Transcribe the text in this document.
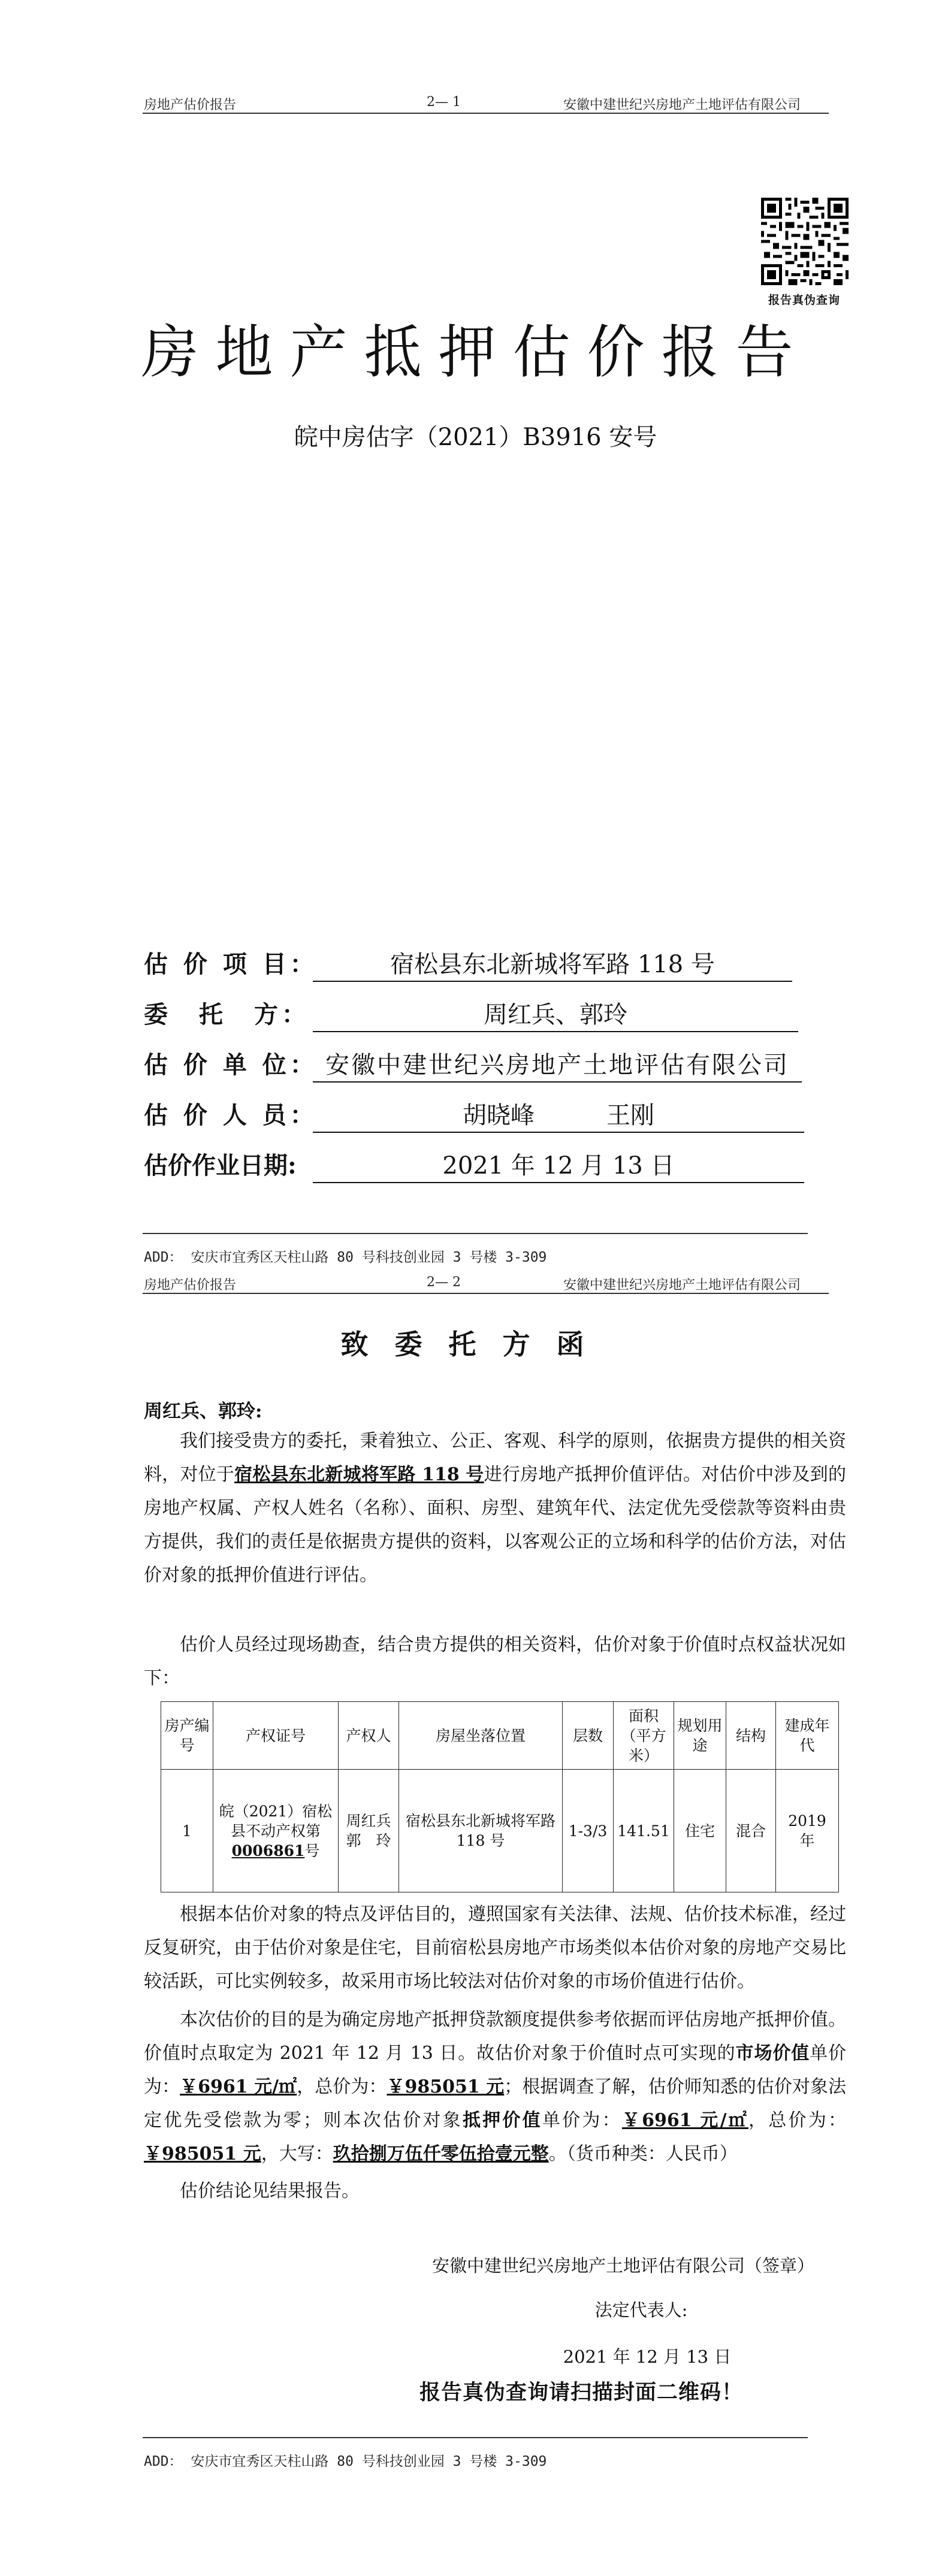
房地产估价报告	2— 1	安徽中建世纪兴房地产土地评估有限公司
报告真伪查询
房地产抵押估价报告
皖中房估字（2021）B3916 安号
估 价 项 目：	宿松县东北新城将军路 118 号
委　托　方：	周红兵、郭玲
估 价 单 位： 安徽中建世纪兴房地产土地评估有限公司
估 价 人 员：	胡晓峰　　　王刚
估价作业日期:	2021 年 12 月 13 日
ADD： 安庆市宜秀区天柱山路 80 号科技创业园 3 号楼 3-309
房地产估价报告	2— 2	安徽中建世纪兴房地产土地评估有限公司
致委托方函
周红兵、郭玲:

我们接受贵方的委托，秉着独立、公正、客观、科学的原则，依据贵方提供的相关资料，对位于宿松县东北新城将军路 118 号进行房地产抵押价值评估。对估价中涉及到的房地产权属、产权人姓名（名称）、面积、房型、建筑年代、法定优先受偿款等资料由贵方提供，我们的责任是依据贵方提供的资料，以客观公正的立场和科学的估价方法，对估价对象的抵押价值进行评估。

估价人员经过现场勘查，结合贵方提供的相关资料，估价对象于价值时点权益状况如下：

房产编号	产权证号	产权人	房屋坐落位置	层数	面积（平方米）	规划用途	结构	建成年代
1	皖（2021）宿松县不动产权第0006861号	周红兵 郭　玲	宿松县东北新城将军路 118 号	1-3/3	141.51	住宅	混合	2019 年

根据本估价对象的特点及评估目的，遵照国家有关法律、法规、估价技术标准，经过反复研究，由于估价对象是住宅，目前宿松县房地产市场类似本估价对象的房地产交易比较活跃，可比实例较多，故采用市场比较法对估价对象的市场价值进行估价。

本次估价的目的是为确定房地产抵押贷款额度提供参考依据而评估房地产抵押价值。价值时点取定为 2021 年 12 月 13 日。故估价对象于价值时点可实现的市场价值单价为：￥6961 元/㎡，总价为：￥985051 元；根据调查了解，估价师知悉的估价对象法定优先受偿款为零；则本次估价对象抵押价值单价为：￥6961 元/㎡，总价为：￥985051 元，大写：玖拾捌万伍仟零伍拾壹元整。（货币种类：人民币）

估价结论见结果报告。

安徽中建世纪兴房地产土地评估有限公司（签章）
法定代表人:
2021 年 12 月 13 日
报告真伪查询请扫描封面二维码！
ADD： 安庆市宜秀区天柱山路 80 号科技创业园 3 号楼 3-309
